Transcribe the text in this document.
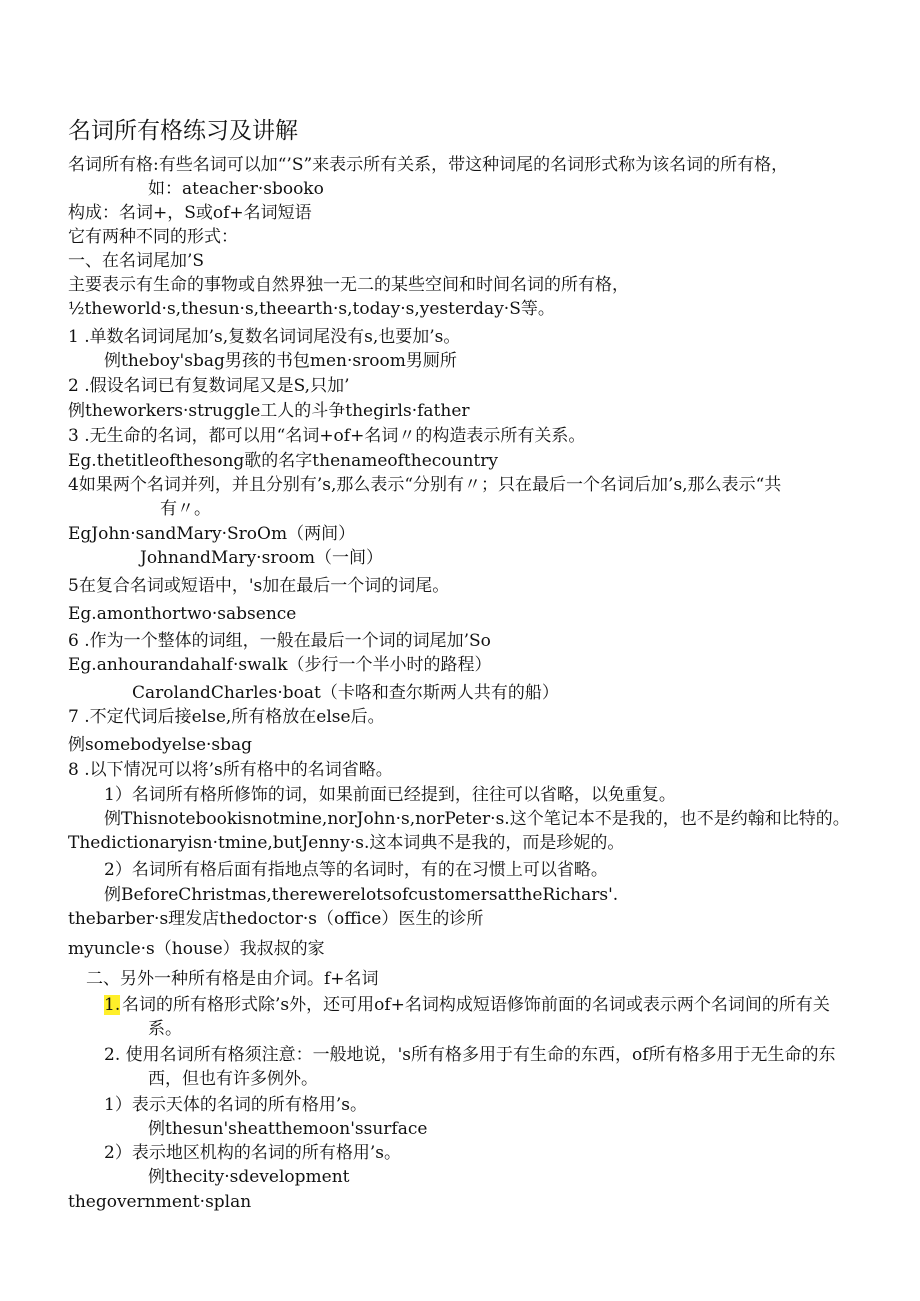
名词所有格练习及讲解
名词所有格:有些名词可以加“’S”来表示所有关系，带这种词尾的名词形式称为该名词的所有格，
如：ateacher·sbooko
构成：名词+，S或of+名词短语
它有两种不同的形式：
一、在名词尾加’S
主要表示有生命的事物或自然界独一无二的某些空间和时间名词的所有格，
½theworld·s,thesun·s,theearth·s,today·s,yesterday·S等。
1 .单数名词词尾加’s,复数名词词尾没有s,也要加’s。
例theboy'sbag男孩的书包men·sroom男厕所
2 .假设名词已有复数词尾又是S,只加’
例theworkers·struggle工人的斗争thegirls·father
3 .无生命的名词，都可以用“名词+of+名词〃的构造表示所有关系。
Eg.thetitleofthesong歌的名字thenameofthecountry
4如果两个名词并列，并且分别有’s,那么表示“分别有〃；只在最后一个名词后加’s,那么表示“共
有〃。
EgJohn·sandMary·SroOm（两间）
JohnandMary·sroom（一间）
5在复合名词或短语中，'s加在最后一个词的词尾。
Eg.amonthortwo·sabsence
6 .作为一个整体的词组，一般在最后一个词的词尾加’So
Eg.anhourandahalf·swalk（步行一个半小时的路程）
CarolandCharles·boat（卡咯和查尔斯两人共有的船）
7 .不定代词后接else,所有格放在else后。
例somebodyelse·sbag
8 .以下情况可以将’s所有格中的名词省略。
1）名词所有格所修饰的词，如果前面已经提到，往往可以省略，以免重复。
例Thisnotebookisnotmine,norJohn·s,norPeter·s.这个笔记本不是我的，也不是约翰和比特的。
Thedictionaryisn·tmine,butJenny·s.这本词典不是我的，而是珍妮的。
2）名词所有格后面有指地点等的名词时，有的在习惯上可以省略。
例BeforeChristmas,therewerelotsofcustomersattheRichars'.
thebarber·s理发店thedoctor·s（office）医生的诊所
myuncle·s（house）我叔叔的家
二、另外一种所有格是由介词。f+名词
1. 名词的所有格形式除’s外，还可用of+名词构成短语修饰前面的名词或表示两个名词间的所有关
系。
2. 使用名词所有格须注意：一般地说，'s所有格多用于有生命的东西，of所有格多用于无生命的东
西，但也有许多例外。
1）表示天体的名词的所有格用’s。
例thesun'sheatthemoon'ssurface
2）表示地区机构的名词的所有格用’s。
例thecity·sdevelopment
thegovernment·splan
